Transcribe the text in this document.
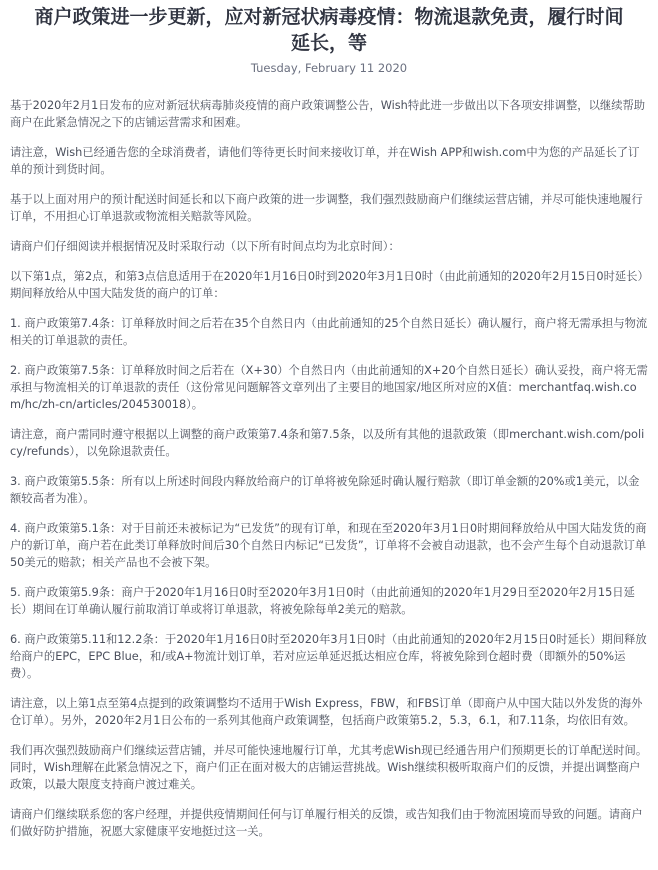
商户政策进一步更新，应对新冠状病毒疫情：物流退款免责，履行时间延长，等
Tuesday, February 11 2020

基于2020年2月1日发布的应对新冠状病毒肺炎疫情的商户政策调整公告，Wish特此进一步做出以下各项安排调整，以继续帮助商户在此紧急情况之下的店铺运营需求和困难。

请注意，Wish已经通告您的全球消费者，请他们等待更长时间来接收订单，并在Wish APP和wish.com中为您的产品延长了订单的预计到货时间。

基于以上面对用户的预计配送时间延长和以下商户政策的进一步调整，我们强烈鼓励商户们继续运营店铺，并尽可能快速地履行订单，不用担心订单退款或物流相关赔款等风险。

请商户们仔细阅读并根据情况及时采取行动（以下所有时间点均为北京时间）：

以下第1点，第2点，和第3点信息适用于在2020年1月16日0时到2020年3月1日0时（由此前通知的2020年2月15日0时延长）期间释放给从中国大陆发货的商户的订单：

1. 商户政策第7.4条：订单释放时间之后若在35个自然日内（由此前通知的25个自然日延长）确认履行，商户将无需承担与物流相关的订单退款的责任。

2. 商户政策第7.5条：订单释放时间之后若在（X+30）个自然日内（由此前通知的X+20个自然日延长）确认妥投，商户将无需承担与物流相关的订单退款的责任（这份常见问题解答文章列出了主要目的地国家/地区所对应的X值：merchantfaq.wish.com/hc/zh-cn/articles/204530018）。

请注意，商户需同时遵守根据以上调整的商户政策第7.4条和第7.5条，以及所有其他的退款政策（即merchant.wish.com/policy/refunds），以免除退款责任。

3. 商户政策第5.5条：所有以上所述时间段内释放给商户的订单将被免除延时确认履行赔款（即订单金额的20%或1美元，以金额较高者为准）。

4. 商户政策第5.1条：对于目前还未被标记为“已发货”的现有订单，和现在至2020年3月1日0时期间释放给从中国大陆发货的商户的新订单，商户若在此类订单释放时间后30个自然日内标记“已发货”，订单将不会被自动退款，也不会产生每个自动退款订单50美元的赔款；相关产品也不会被下架。

5. 商户政策第5.9条：商户于2020年1月16日0时至2020年3月1日0时（由此前通知的2020年1月29日至2020年2月15日延长）期间在订单确认履行前取消订单或将订单退款，将被免除每单2美元的赔款。

6. 商户政策第5.11和12.2条：于2020年1月16日0时至2020年3月1日0时（由此前通知的2020年2月15日0时延长）期间释放给商户的EPC，EPC Blue，和/或A+物流计划订单，若对应运单延迟抵达相应仓库，将被免除到仓超时费（即额外的50%运费）。

请注意，以上第1点至第4点提到的政策调整均不适用于Wish Express，FBW，和FBS订单（即商户从中国大陆以外发货的海外仓订单）。另外，2020年2月1日公布的一系列其他商户政策调整，包括商户政策第5.2，5.3，6.1，和7.11条，均依旧有效。

我们再次强烈鼓励商户们继续运营店铺，并尽可能快速地履行订单，尤其考虑Wish现已经通告用户们预期更长的订单配送时间。同时，Wish理解在此紧急情况之下，商户们正在面对极大的店铺运营挑战。Wish继续积极听取商户们的反馈，并提出调整商户政策，以最大限度支持商户渡过难关。

请商户们继续联系您的客户经理，并提供疫情期间任何与订单履行相关的反馈，或告知我们由于物流困境而导致的问题。请商户们做好防护措施，祝愿大家健康平安地挺过这一关。
